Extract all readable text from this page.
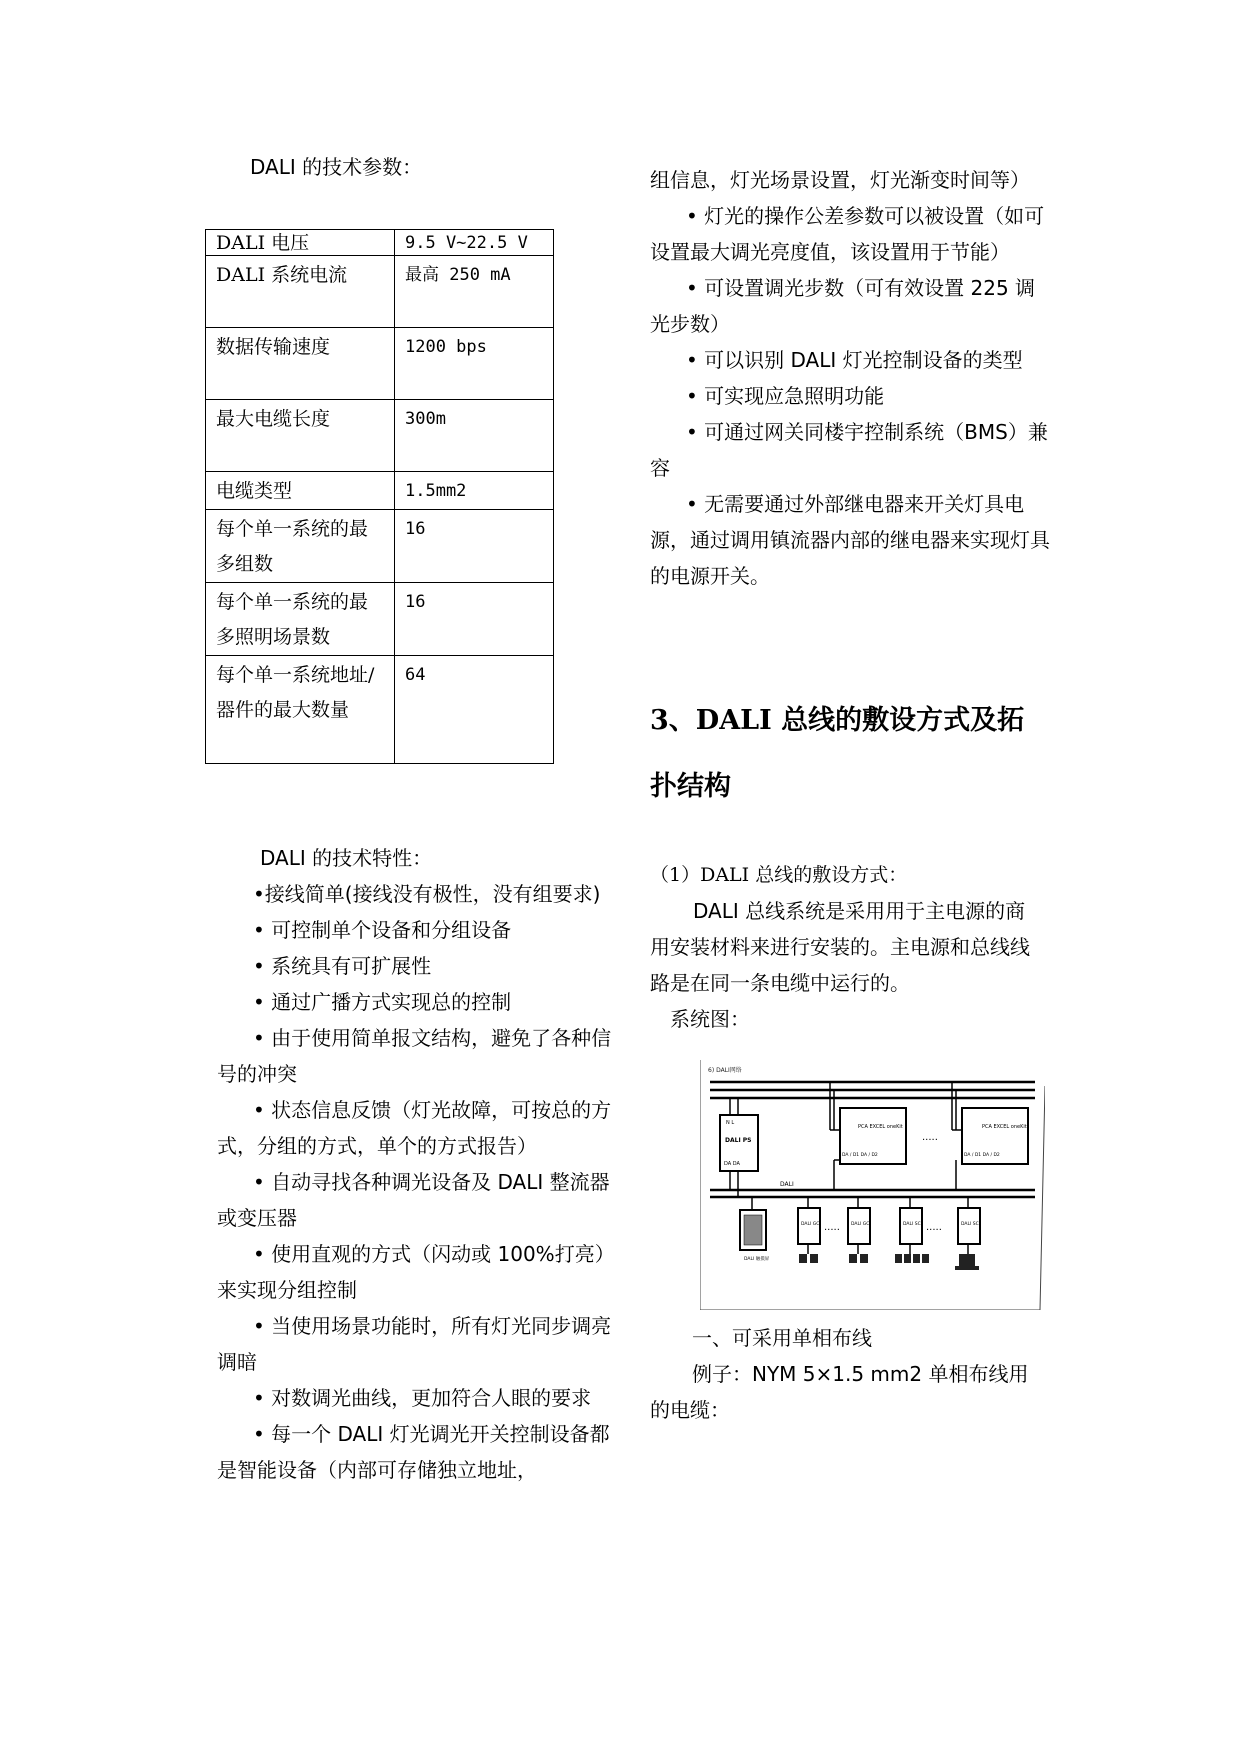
DALI 的技术参数：

DALI 电压	9.5 V~22.5 V
DALI 系统电流	最高 250 mA
数据传输速度	1200 bps
最大电缆长度	300m
电缆类型	1.5mm2
每个单一系统的最多组数	16
每个单一系统的最多照明场景数	16
每个单一系统地址/器件的最大数量	64

DALI 的技术特性：

•接线简单(接线没有极性，没有组要求)

• 可控制单个设备和分组设备

• 系统具有可扩展性

• 通过广播方式实现总的控制

• 由于使用简单报文结构，避免了各种信号的冲突

• 状态信息反馈（灯光故障，可按总的方式，分组的方式，单个的方式报告）

• 自动寻找各种调光设备及 DALI 整流器或变压器

• 使用直观的方式（闪动或 100%打亮）来实现分组控制

• 当使用场景功能时，所有灯光同步调亮调暗

• 对数调光曲线，更加符合人眼的要求

• 每一个 DALI 灯光调光开关控制设备都是智能设备（内部可存储独立地址，

组信息，灯光场景设置，灯光渐变时间等）

• 灯光的操作公差参数可以被设置（如可设置最大调光亮度值，该设置用于节能）

• 可设置调光步数（可有效设置 225 调光步数）

• 可以识别 DALI 灯光控制设备的类型

• 可实现应急照明功能

• 可通过网关同楼宇控制系统（BMS）兼容

• 无需要通过外部继电器来开关灯具电源，通过调用镇流器内部的继电器来实现灯具的电源开关。

3、DALI 总线的敷设方式及拓

扑结构

（1）DALI 总线的敷设方式：

DALI 总线系统是采用用于主电源的商用安装材料来进行安装的。主电源和总线线路是在同一条电缆中运行的。

系统图：

6) DALI网络
DALI
N L
DALI PS
DA DA
PCA EXCEL oneKit
DA / D1 DA / D2
.....
PCA EXCEL oneKit
DA / D1 DA / D2
DALI 触摸屏
DALI GC ..... DALI GC	DALI SC .....	DALI SCI

一、可采用单相布线

例子：NYM 5×1.5 mm2 单相布线用的电缆：
